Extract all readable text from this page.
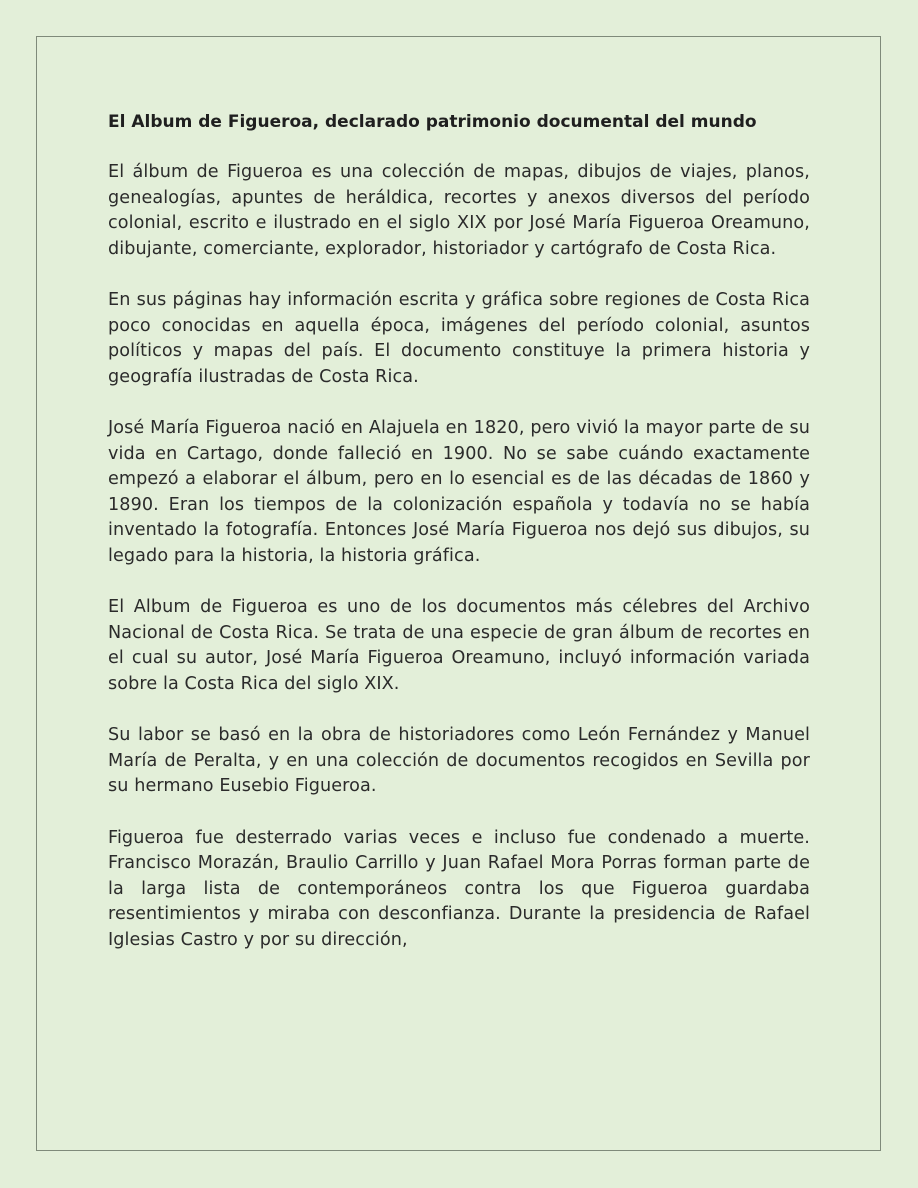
El Album de Figueroa, declarado patrimonio documental del mundo

El álbum de Figueroa es una colección de mapas, dibujos de viajes, planos, genealogías, apuntes de heráldica, recortes y anexos diversos del período colonial, escrito e ilustrado en el siglo XIX por José María Figueroa Oreamuno, dibujante, comerciante, explorador, historiador y cartógrafo de Costa Rica.

En sus páginas hay información escrita y gráfica sobre regiones de Costa Rica poco conocidas en aquella época, imágenes del período colonial, asuntos políticos y mapas del país. El documento constituye la primera historia y geografía ilustradas de Costa Rica.

José María Figueroa nació en Alajuela en 1820, pero vivió la mayor parte de su vida en Cartago, donde falleció en 1900. No se sabe cuándo exactamente empezó a elaborar el álbum, pero en lo esencial es de las décadas de 1860 y 1890. Eran los tiempos de la colonización española y todavía no se había inventado la fotografía. Entonces José María Figueroa nos dejó sus dibujos, su legado para la historia, la historia gráfica.

El Album de Figueroa es uno de los documentos más célebres del Archivo Nacional de Costa Rica. Se trata de una especie de gran álbum de recortes en el cual su autor, José María Figueroa Oreamuno, incluyó información variada sobre la Costa Rica del siglo XIX.

Su labor se basó en la obra de historiadores como León Fernández y Manuel María de Peralta, y en una colección de documentos recogidos en Sevilla por su hermano Eusebio Figueroa.

Figueroa fue desterrado varias veces e incluso fue condenado a muerte. Francisco Morazán, Braulio Carrillo y Juan Rafael Mora Porras forman parte de la larga lista de contemporáneos contra los que Figueroa guardaba resentimientos y miraba con desconfianza. Durante la presidencia de Rafael Iglesias Castro y por su dirección,
